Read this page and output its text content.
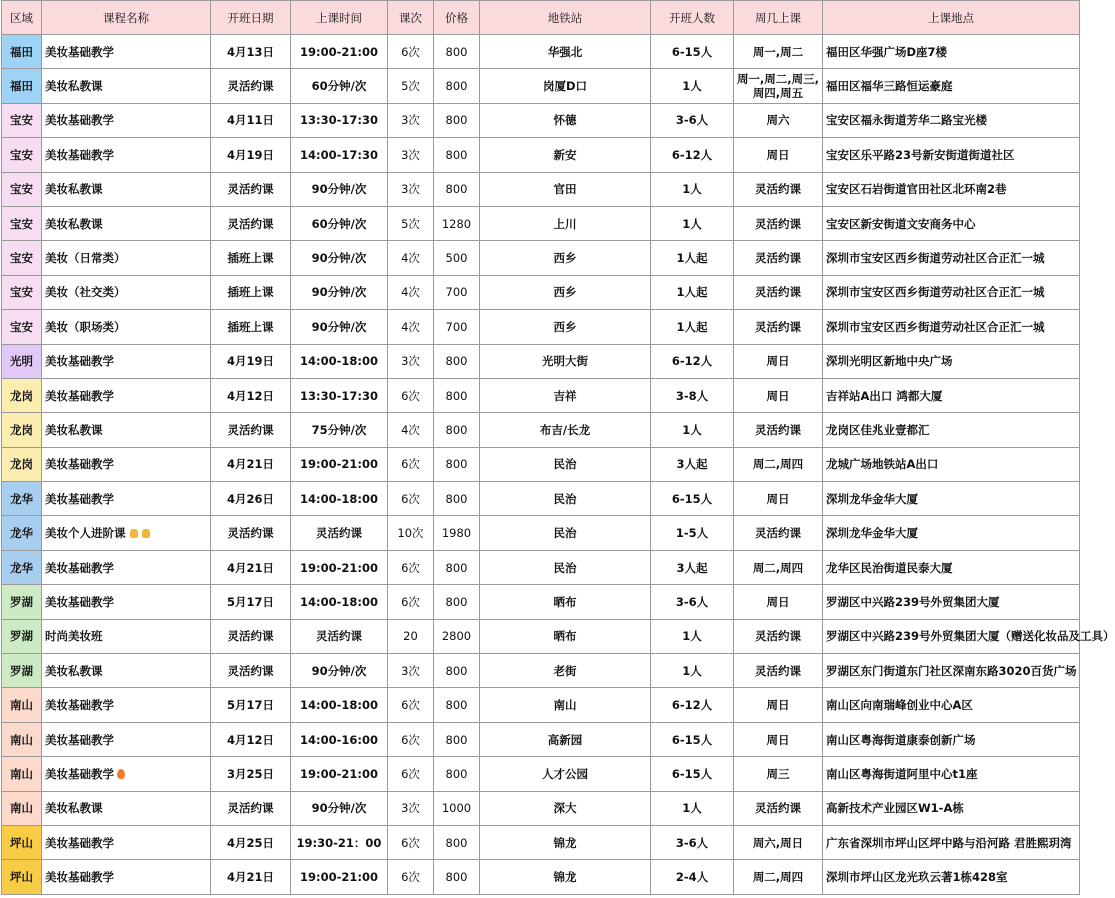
区域	课程名称	开班日期	上课时间	课次	价格	地铁站	开班人数	周几上课	上课地点
福田	美妆基础教学	4月13日	19:00-21:00	6次	800	华强北	6-15人	周一,周二	福田区华强广场D座7楼
福田	美妆私教课	灵活约课	60分钟/次	5次	800	岗厦D口	1人	周一,周二,周三,周四,周五	福田区福华三路恒运豪庭
宝安	美妆基础教学	4月11日	13:30-17:30	3次	800	怀德	3-6人	周六	宝安区福永街道芳华二路宝光楼
宝安	美妆基础教学	4月19日	14:00-17:30	3次	800	新安	6-12人	周日	宝安区乐平路23号新安街道街道社区
宝安	美妆私教课	灵活约课	90分钟/次	3次	800	官田	1人	灵活约课	宝安区石岩街道官田社区北环南2巷
宝安	美妆私教课	灵活约课	60分钟/次	5次	1280	上川	1人	灵活约课	宝安区新安街道文安商务中心
宝安	美妆（日常类）	插班上课	90分钟/次	4次	500	西乡	1人起	灵活约课	深圳市宝安区西乡街道劳动社区合正汇一城
宝安	美妆（社交类）	插班上课	90分钟/次	4次	700	西乡	1人起	灵活约课	深圳市宝安区西乡街道劳动社区合正汇一城
宝安	美妆（职场类）	插班上课	90分钟/次	4次	700	西乡	1人起	灵活约课	深圳市宝安区西乡街道劳动社区合正汇一城
光明	美妆基础教学	4月19日	14:00-18:00	3次	800	光明大街	6-12人	周日	深圳光明区新地中央广场
龙岗	美妆基础教学	4月12日	13:30-17:30	6次	800	吉祥	3-8人	周日	吉祥站A出口 鸿都大厦
龙岗	美妆私教课	灵活约课	75分钟/次	4次	800	布吉/长龙	1人	灵活约课	龙岗区佳兆业壹都汇
龙岗	美妆基础教学	4月21日	19:00-21:00	6次	800	民治	3人起	周二,周四	龙城广场地铁站A出口
龙华	美妆基础教学	4月26日	14:00-18:00	6次	800	民治	6-15人	周日	深圳龙华金华大厦
龙华	美妆个人进阶课	灵活约课	灵活约课	10次	1980	民治	1-5人	灵活约课	深圳龙华金华大厦
龙华	美妆基础教学	4月21日	19:00-21:00	6次	800	民治	3人起	周二,周四	龙华区民治街道民泰大厦
罗湖	美妆基础教学	5月17日	14:00-18:00	6次	800	晒布	3-6人	周日	罗湖区中兴路239号外贸集团大厦
罗湖	时尚美妆班	灵活约课	灵活约课	20	2800	晒布	1人	灵活约课	罗湖区中兴路239号外贸集团大厦（赠送化妆品及工具）
罗湖	美妆私教课	灵活约课	90分钟/次	3次	800	老街	1人	灵活约课	罗湖区东门街道东门社区深南东路3020百货广场
南山	美妆基础教学	5月17日	14:00-18:00	6次	800	南山	6-12人	周日	南山区向南瑞峰创业中心A区
南山	美妆基础教学	4月12日	14:00-16:00	6次	800	高新园	6-15人	周日	南山区粤海街道康泰创新广场
南山	美妆基础教学	3月25日	19:00-21:00	6次	800	人才公园	6-15人	周三	南山区粤海街道阿里中心t1座
南山	美妆私教课	灵活约课	90分钟/次	3次	1000	深大	1人	灵活约课	高新技术产业园区W1-A栋
坪山	美妆基础教学	4月25日	19:30-21：00	6次	800	锦龙	3-6人	周六,周日	广东省深圳市坪山区坪中路与沿河路 君胜熙玥湾
坪山	美妆基础教学	4月21日	19:00-21:00	6次	800	锦龙	2-4人	周二,周四	深圳市坪山区龙光玖云著1栋428室
